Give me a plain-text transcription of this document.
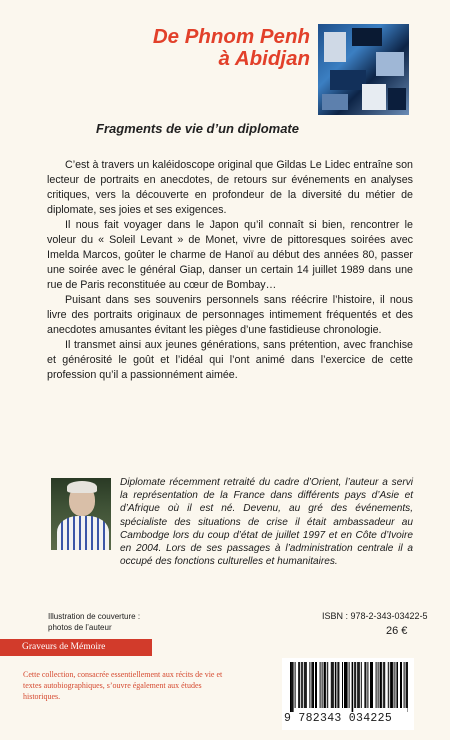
De Phnom Penh
à Abidjan
Fragments de vie d’un diplomate

C’est à travers un kaléidoscope original que Gildas Le Lidec entraîne son lecteur de portraits en anecdotes, de retours sur événements en analyses critiques, vers la découverte en profondeur de la diversité du métier de diplomate, ses joies et ses exigences.

Il nous fait voyager dans le Japon qu’il connaît si bien, rencontrer le voleur du « Soleil Levant » de Monet, vivre de pittoresques soirées avec Imelda Marcos, goûter le charme de Hanoï au début des années 80, passer une soirée avec le général Giap, danser un certain 14 juillet 1989 dans une rue de Paris reconstituée au cœur de Bombay…

Puisant dans ses souvenirs personnels sans réécrire l’histoire, il nous livre des portraits originaux de personnages intimement fréquentés et des anecdotes amusantes évitant les pièges d’une fastidieuse chronologie.

Il transmet ainsi aux jeunes générations, sans prétention, avec franchise et générosité le goût et l’idéal qui l’ont animé dans l’exercice de cette profession qu’il a passionnément aimée.

Diplomate récemment retraité du cadre d’Orient, l’auteur a servi la représentation de la France dans différents pays d’Asie et d’Afrique où il est né. Devenu, au gré des événements, spécialiste des situations de crise il était ambassadeur au Cambodge lors du coup d’état de juillet 1997 et en Côte d’Ivoire en 2004. Lors de ses passages à l’administration centrale il a occupé des fonctions culturelles et humanitaires.
Illustration de couverture :
photos de l’auteur
ISBN : 978-2-343-03422-5
26 €
Graveurs de Mémoire
Cette collection, consacrée essentiellement aux récits de vie et textes autobiographiques, s’ouvre également aux études historiques.
9 782343 034225
